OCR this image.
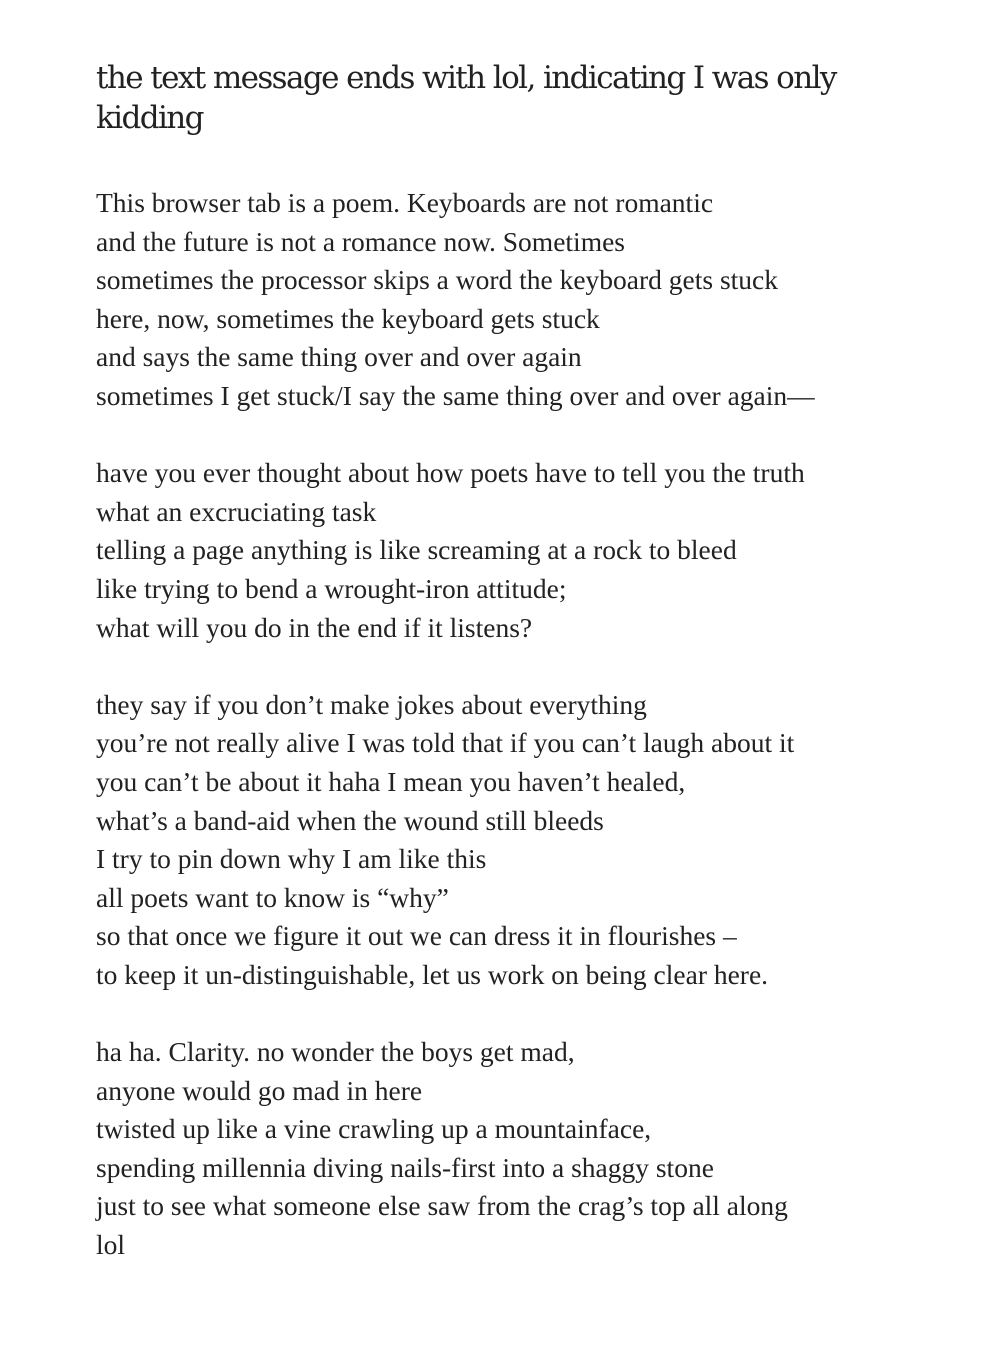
the text message ends with lol, indicating I was only kidding
This browser tab is a poem. Keyboards are not romantic
and the future is not a romance now. Sometimes
sometimes the processor skips a word the keyboard gets stuck
here, now, sometimes the keyboard gets stuck
and says the same thing over and over again
sometimes I get stuck/I say the same thing over and over again—
have you ever thought about how poets have to tell you the truth
what an excruciating task
telling a page anything is like screaming at a rock to bleed
like trying to bend a wrought-iron attitude;
what will you do in the end if it listens?
they say if you don’t make jokes about everything
you’re not really alive I was told that if you can’t laugh about it
you can’t be about it haha I mean you haven’t healed,
what’s a band-aid when the wound still bleeds
I try to pin down why I am like this
all poets want to know is “why”
so that once we figure it out we can dress it in flourishes –
to keep it un-distinguishable, let us work on being clear here.
ha ha. Clarity. no wonder the boys get mad,
anyone would go mad in here
twisted up like a vine crawling up a mountainface,
spending millennia diving nails-first into a shaggy stone
just to see what someone else saw from the crag’s top all along
lol
